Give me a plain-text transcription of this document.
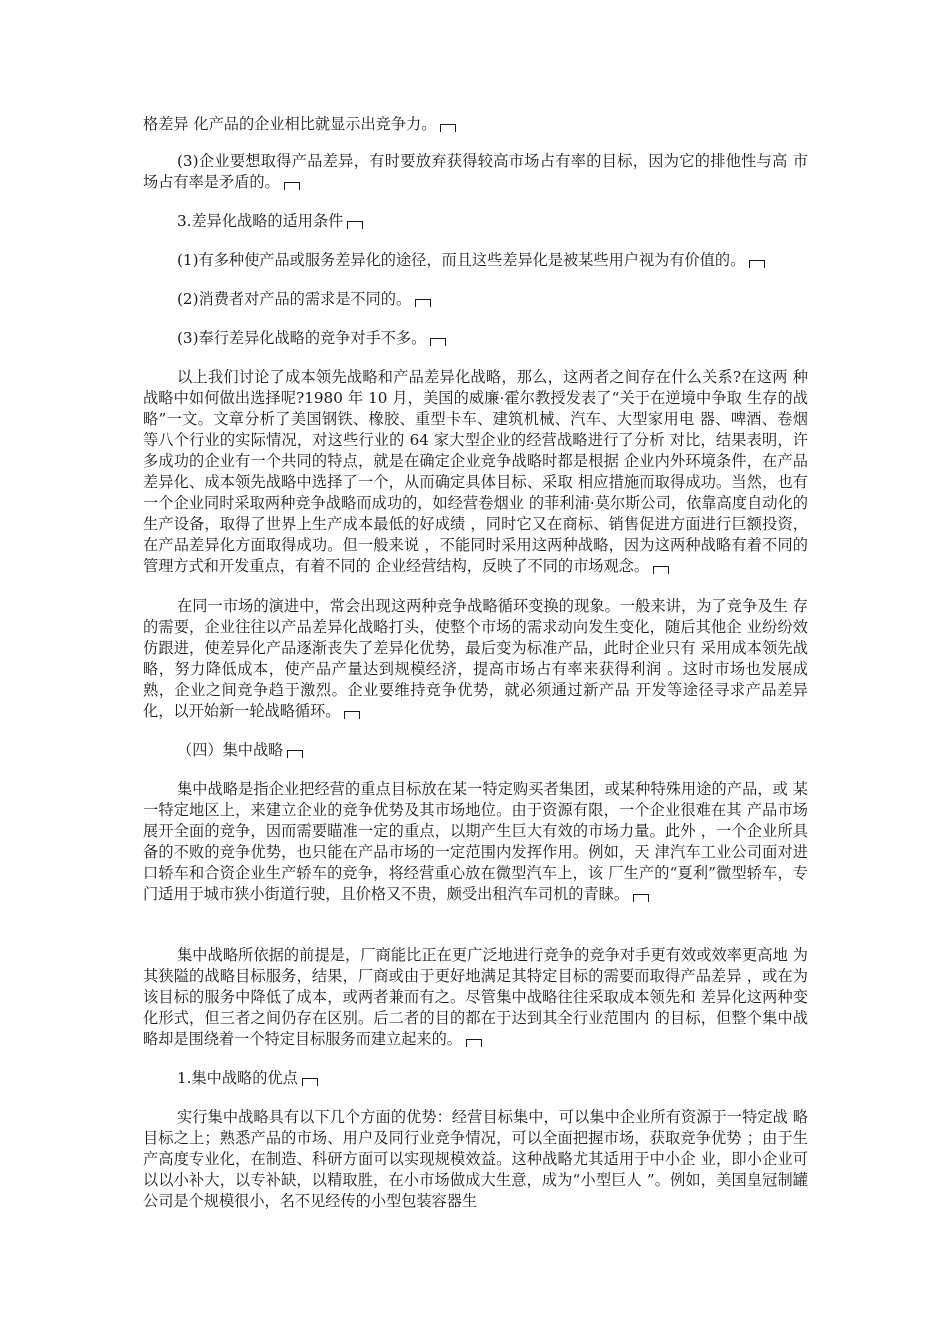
格差异 化产品的企业相比就显示出竞争力。

(3)企业要想取得产品差异，有时要放弃获得较高市场占有率的目标，因为它的排他性与高 市场占有率是矛盾的。

3.差异化战略的适用条件

(1)有多种使产品或服务差异化的途径，而且这些差异化是被某些用户视为有价值的。

(2)消费者对产品的需求是不同的。

(3)奉行差异化战略的竞争对手不多。

以上我们讨论了成本领先战略和产品差异化战略，那么，这两者之间存在什么关系?在这两 种战略中如何做出选择呢?1980 年 10 月，美国的威廉·霍尔教授发表了“关于在逆境中争取 生存的战略”一文。文章分析了美国钢铁、橡胶、重型卡车、建筑机械、汽车、大型家用电 器、啤酒、卷烟等八个行业的实际情况，对这些行业的 64 家大型企业的经营战略进行了分析 对比，结果表明，许多成功的企业有一个共同的特点，就是在确定企业竞争战略时都是根据 企业内外环境条件，在产品差异化、成本领先战略中选择了一个，从而确定具体目标、采取 相应措施而取得成功。当然，也有一个企业同时采取两种竞争战略而成功的，如经营卷烟业 的菲利浦·莫尔斯公司，依靠高度自动化的生产设备，取得了世界上生产成本最低的好成绩 ，同时它又在商标、销售促进方面进行巨额投资，在产品差异化方面取得成功。但一般来说 ，不能同时采用这两种战略，因为这两种战略有着不同的管理方式和开发重点，有着不同的 企业经营结构，反映了不同的市场观念。

在同一市场的演进中，常会出现这两种竞争战略循环变换的现象。一般来讲，为了竞争及生 存的需要，企业往往以产品差异化战略打头，使整个市场的需求动向发生变化，随后其他企 业纷纷效仿跟进，使差异化产品逐渐丧失了差异化优势，最后变为标准产品，此时企业只有 采用成本领先战略，努力降低成本，使产品产量达到规模经济，提高市场占有率来获得利润 。这时市场也发展成熟，企业之间竞争趋于激烈。企业要维持竞争优势，就必须通过新产品 开发等途径寻求产品差异化，以开始新一轮战略循环。

（四）集中战略

集中战略是指企业把经营的重点目标放在某一特定购买者集团，或某种特殊用途的产品，或 某一特定地区上，来建立企业的竞争优势及其市场地位。由于资源有限，一个企业很难在其 产品市场展开全面的竞争，因而需要瞄准一定的重点，以期产生巨大有效的市场力量。此外 ，一个企业所具备的不败的竞争优势，也只能在产品市场的一定范围内发挥作用。例如，天 津汽车工业公司面对进口轿车和合资企业生产轿车的竞争，将经营重心放在微型汽车上，该 厂生产的“夏利”微型轿车，专门适用于城市狭小街道行驶，且价格又不贵，颇受出租汽车司机的青睐。

集中战略所依据的前提是，厂商能比正在更广泛地进行竞争的竞争对手更有效或效率更高地 为其狭隘的战略目标服务，结果，厂商或由于更好地满足其特定目标的需要而取得产品差异 ，或在为该目标的服务中降低了成本，或两者兼而有之。尽管集中战略往往采取成本领先和 差异化这两种变化形式，但三者之间仍存在区别。后二者的目的都在于达到其全行业范围内 的目标，但整个集中战略却是围绕着一个特定目标服务而建立起来的。

1.集中战略的优点

实行集中战略具有以下几个方面的优势：经营目标集中，可以集中企业所有资源于一特定战 略目标之上；熟悉产品的市场、用户及同行业竞争情况，可以全面把握市场，获取竞争优势 ；由于生产高度专业化，在制造、科研方面可以实现规模效益。这种战略尤其适用于中小企 业，即小企业可以以小补大，以专补缺，以精取胜，在小市场做成大生意，成为“小型巨人 ”。例如，美国皇冠制罐公司是个规模很小，名不见经传的小型包装容器生
